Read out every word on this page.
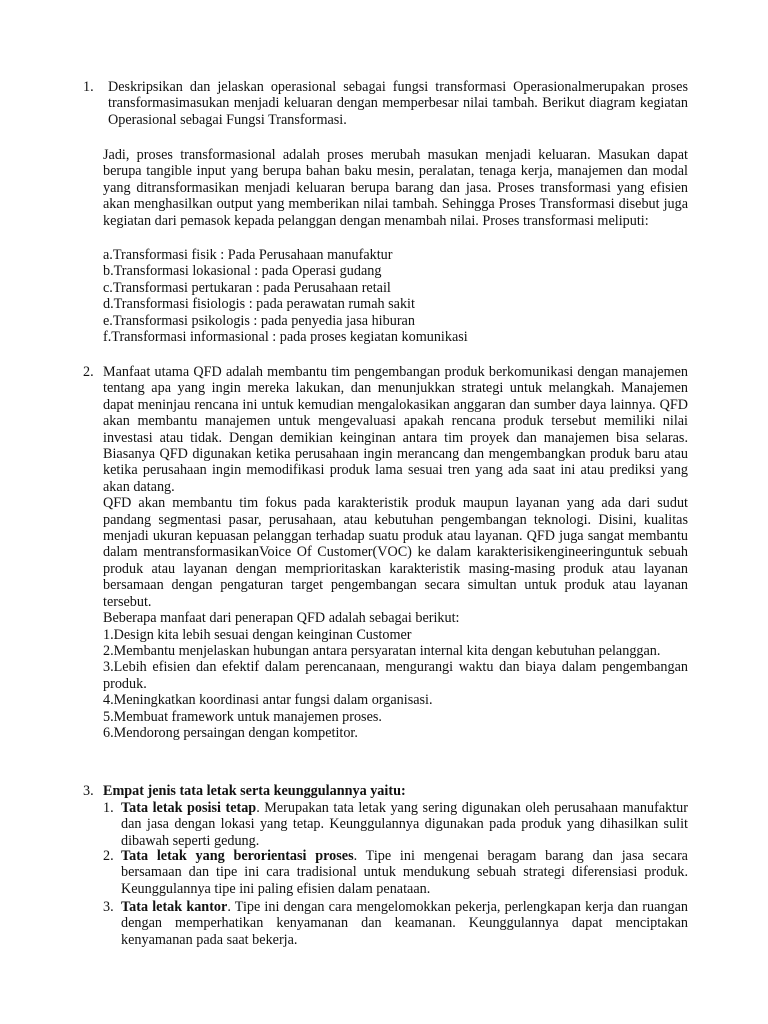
1. Deskripsikan dan jelaskan operasional sebagai fungsi transformasi Operasionalmerupakan proses transformasimasukan menjadi keluaran dengan memperbesar nilai tambah. Berikut diagram kegiatan Operasional sebagai Fungsi Transformasi.
Jadi, proses transformasional adalah proses merubah masukan menjadi keluaran. Masukan dapat berupa tangible input yang berupa bahan baku mesin, peralatan, tenaga kerja, manajemen dan modal yang ditransformasikan menjadi keluaran berupa barang dan jasa. Proses transformasi yang efisien akan menghasilkan output yang memberikan nilai tambah. Sehingga Proses Transformasi disebut juga kegiatan dari pemasok kepada pelanggan dengan menambah nilai. Proses transformasi meliputi:
a.Transformasi fisik : Pada Perusahaan manufaktur
b.Transformasi lokasional : pada Operasi gudang
c.Transformasi pertukaran : pada Perusahaan retail
d.Transformasi fisiologis : pada perawatan rumah sakit
e.Transformasi psikologis : pada penyedia jasa hiburan
f.Transformasi informasional : pada proses kegiatan komunikasi
2. Manfaat utama QFD adalah membantu tim pengembangan produk berkomunikasi dengan manajemen tentang apa yang ingin mereka lakukan, dan menunjukkan strategi untuk melangkah. Manajemen dapat meninjau rencana ini untuk kemudian mengalokasikan anggaran dan sumber daya lainnya. QFD akan membantu manajemen untuk mengevaluasi apakah rencana produk tersebut memiliki nilai investasi atau tidak. Dengan demikian keinginan antara tim proyek dan manajemen bisa selaras. Biasanya QFD digunakan ketika perusahaan ingin merancang dan mengembangkan produk baru atau ketika perusahaan ingin memodifikasi produk lama sesuai tren yang ada saat ini atau prediksi yang akan datang.
QFD akan membantu tim fokus pada karakteristik produk maupun layanan yang ada dari sudut pandang segmentasi pasar, perusahaan, atau kebutuhan pengembangan teknologi. Disini, kualitas menjadi ukuran kepuasan pelanggan terhadap suatu produk atau layanan. QFD juga sangat membantu dalam mentransformasikanVoice Of Customer(VOC) ke dalam karakterisikengineeringuntuk sebuah produk atau layanan dengan memprioritaskan karakteristik masing-masing produk atau layanan bersamaan dengan pengaturan target pengembangan secara simultan untuk produk atau layanan tersebut.
Beberapa manfaat dari penerapan QFD adalah sebagai berikut:
1.Design kita lebih sesuai dengan keinginan Customer
2.Membantu menjelaskan hubungan antara persyaratan internal kita dengan kebutuhan pelanggan.
3.Lebih efisien dan efektif dalam perencanaan, mengurangi waktu dan biaya dalam pengembangan produk.
4.Meningkatkan koordinasi antar fungsi dalam organisasi.
5.Membuat framework untuk manajemen proses.
6.Mendorong persaingan dengan kompetitor.
3. Empat jenis tata letak serta keunggulannya yaitu:
1. Tata letak posisi tetap. Merupakan tata letak yang sering digunakan oleh perusahaan manufaktur dan jasa dengan lokasi yang tetap. Keunggulannya digunakan pada produk yang dihasilkan sulit dibawah seperti gedung.
2. Tata letak yang berorientasi proses. Tipe ini mengenai beragam barang dan jasa secara bersamaan dan tipe ini cara tradisional untuk mendukung sebuah strategi diferensiasi produk. Keunggulannya tipe ini paling efisien dalam penataan.
3. Tata letak kantor. Tipe ini dengan cara mengelomokkan pekerja, perlengkapan kerja dan ruangan dengan memperhatikan kenyamanan dan keamanan. Keunggulannya dapat menciptakan kenyamanan pada saat bekerja.
